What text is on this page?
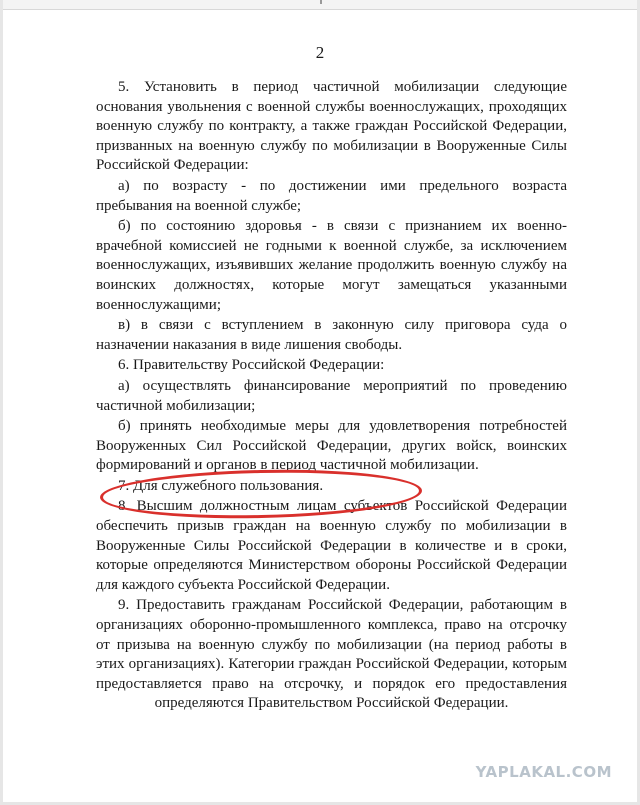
2

5. Установить в период частичной мобилизации следующие основания увольнения с военной службы военнослужащих, проходящих военную службу по контракту, а также граждан Российской Федерации, призванных на военную службу по мобилизации в Вооруженные Силы Российской Федерации:

а) по возрасту - по достижении ими предельного возраста пребывания на военной службе;

б) по состоянию здоровья - в связи с признанием их военно-врачебной комиссией не годными к военной службе, за исключением военнослужащих, изъявивших желание продолжить военную службу на воинских должностях, которые могут замещаться указанными военнослужащими;

в) в связи с вступлением в законную силу приговора суда о назначении наказания в виде лишения свободы.

6. Правительству Российской Федерации:

а) осуществлять финансирование мероприятий по проведению частичной мобилизации;

б) принять необходимые меры для удовлетворения потребностей Вооруженных Сил Российской Федерации, других войск, воинских формирований и органов в период частичной мобилизации.

7. Для служебного пользования.

8. Высшим должностным лицам субъектов Российской Федерации обеспечить призыв граждан на военную службу по мобилизации в Вооруженные Силы Российской Федерации в количестве и в сроки, которые определяются Министерством обороны Российской Федерации для каждого субъекта Российской Федерации.

9. Предоставить гражданам Российской Федерации, работающим в организациях оборонно-промышленного комплекса, право на отсрочку от призыва на военную службу по мобилизации (на период работы в этих организациях). Категории граждан Российской Федерации, которым предоставляется право на отсрочку, и порядок его предоставления определяются Правительством Российской Федерации.

YAPLAKAL.COM
